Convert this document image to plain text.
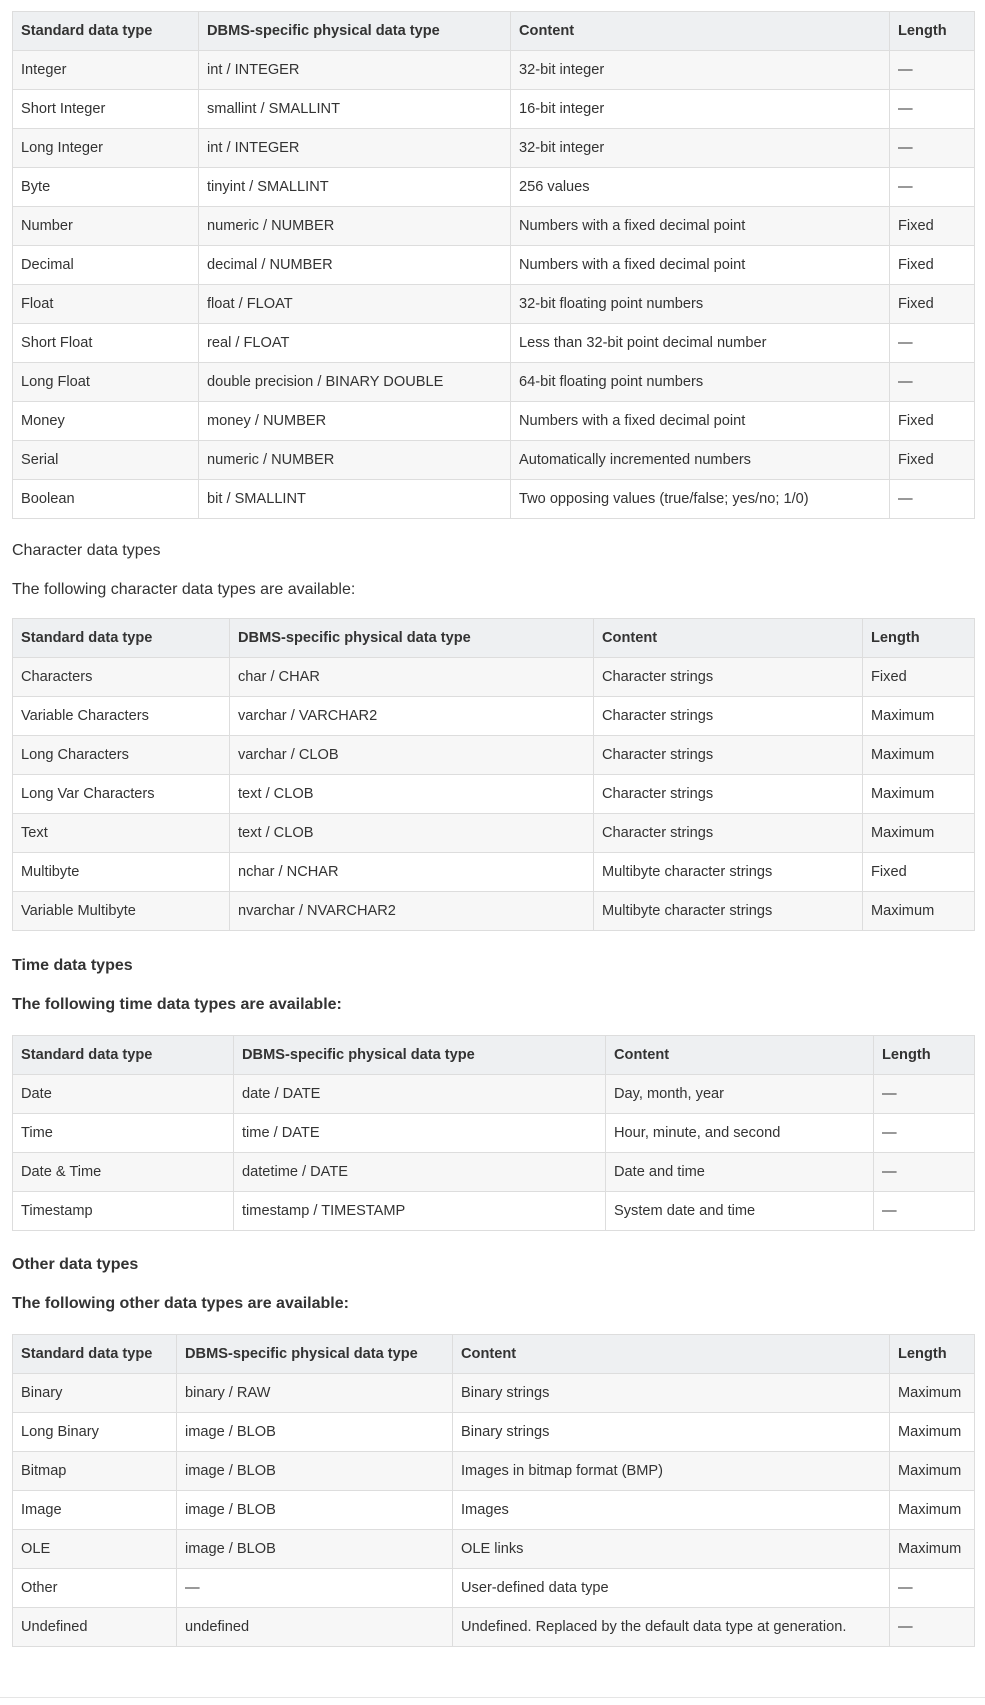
Standard data type	DBMS-specific physical data type	Content	Length
Integer	int / INTEGER	32-bit integer	—
Short Integer	smallint / SMALLINT	16-bit integer	—
Long Integer	int / INTEGER	32-bit integer	—
Byte	tinyint / SMALLINT	256 values	—
Number	numeric / NUMBER	Numbers with a fixed decimal point	Fixed
Decimal	decimal / NUMBER	Numbers with a fixed decimal point	Fixed
Float	float / FLOAT	32-bit floating point numbers	Fixed
Short Float	real / FLOAT	Less than 32-bit point decimal number	—
Long Float	double precision / BINARY DOUBLE	64-bit floating point numbers	—
Money	money / NUMBER	Numbers with a fixed decimal point	Fixed
Serial	numeric / NUMBER	Automatically incremented numbers	Fixed
Boolean	bit / SMALLINT	Two opposing values (true/false; yes/no; 1/0)	—

Character data types

The following character data types are available:

Standard data type	DBMS-specific physical data type	Content	Length
Characters	char / CHAR	Character strings	Fixed
Variable Characters	varchar / VARCHAR2	Character strings	Maximum
Long Characters	varchar / CLOB	Character strings	Maximum
Long Var Characters	text / CLOB	Character strings	Maximum
Text	text / CLOB	Character strings	Maximum
Multibyte	nchar / NCHAR	Multibyte character strings	Fixed
Variable Multibyte	nvarchar / NVARCHAR2	Multibyte character strings	Maximum

Time data types

The following time data types are available:

Standard data type	DBMS-specific physical data type	Content	Length
Date	date / DATE	Day, month, year	—
Time	time / DATE	Hour, minute, and second	—
Date & Time	datetime / DATE	Date and time	—
Timestamp	timestamp / TIMESTAMP	System date and time	—

Other data types

The following other data types are available:

Standard data type	DBMS-specific physical data type	Content	Length
Binary	binary / RAW	Binary strings	Maximum
Long Binary	image / BLOB	Binary strings	Maximum
Bitmap	image / BLOB	Images in bitmap format (BMP)	Maximum
Image	image / BLOB	Images	Maximum
OLE	image / BLOB	OLE links	Maximum
Other	—	User-defined data type	—
Undefined	undefined	Undefined. Replaced by the default data type at generation.	—
